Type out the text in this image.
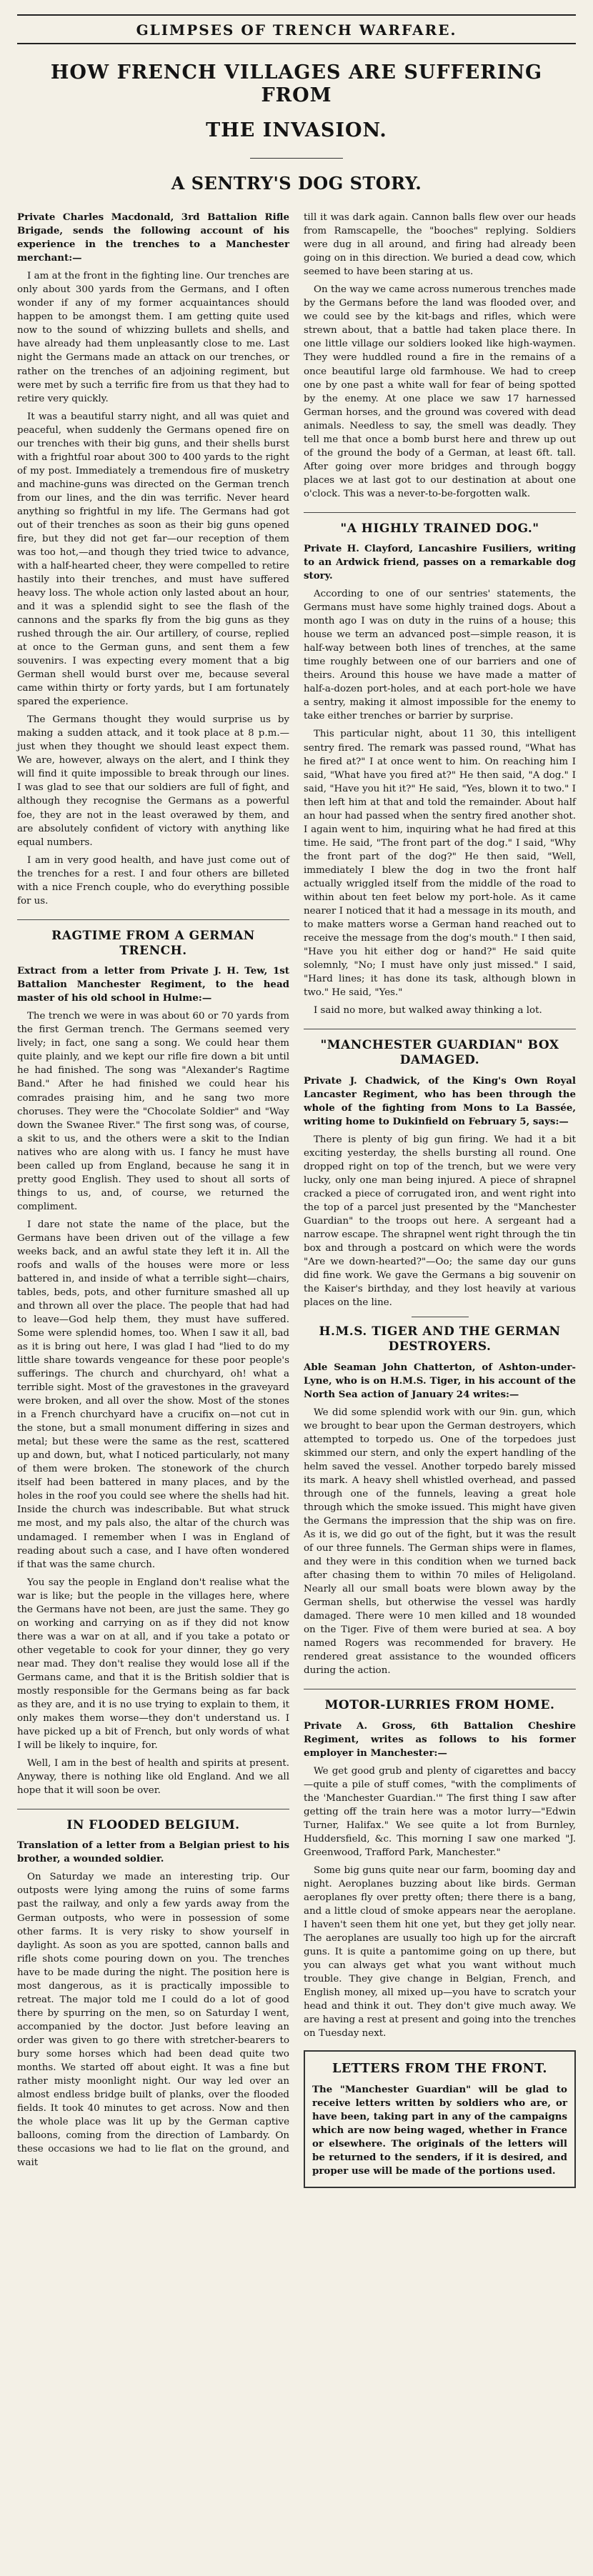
GLIMPSES OF TRENCH WARFARE.
HOW FRENCH VILLAGES ARE SUFFERING FROM
THE INVASION.
A SENTRY'S DOG STORY.

Private Charles Macdonald, 3rd Battalion Rifle Brigade, sends the following account of his experience in the trenches to a Manchester merchant:—

I am at the front in the fighting line. Our trenches are only about 300 yards from the Germans, and I often wonder if any of my former acquaintances should happen to be amongst them. I am getting quite used now to the sound of whizzing bullets and shells, and have already had them unpleasantly close to me. Last night the Germans made an attack on our trenches, or rather on the trenches of an adjoining regiment, but were met by such a terrific fire from us that they had to retire very quickly.

It was a beautiful starry night, and all was quiet and peaceful, when suddenly the Germans opened fire on our trenches with their big guns, and their shells burst with a frightful roar about 300 to 400 yards to the right of my post. Immediately a tremendous fire of musketry and machine-guns was directed on the German trench from our lines, and the din was terrific. Never heard anything so frightful in my life. The Germans had got out of their trenches as soon as their big guns opened fire, but they did not get far—our reception of them was too hot,—and though they tried twice to advance, with a half-hearted cheer, they were compelled to retire hastily into their trenches, and must have suffered heavy loss. The whole action only lasted about an hour, and it was a splendid sight to see the flash of the cannons and the sparks fly from the big guns as they rushed through the air. Our artillery, of course, replied at once to the German guns, and sent them a few souvenirs. I was expecting every moment that a big German shell would burst over me, because several came within thirty or forty yards, but I am fortunately spared the experience.

The Germans thought they would surprise us by making a sudden attack, and it took place at 8 p.m.—just when they thought we should least expect them. We are, however, always on the alert, and I think they will find it quite impossible to break through our lines. I was glad to see that our soldiers are full of fight, and although they recognise the Germans as a powerful foe, they are not in the least overawed by them, and are absolutely confident of victory with anything like equal numbers.

I am in very good health, and have just come out of the trenches for a rest. I and four others are billeted with a nice French couple, who do everything possible for us.

RAGTIME FROM A GERMAN TRENCH.

Extract from a letter from Private J. H. Tew, 1st Battalion Manchester Regiment, to the head master of his old school in Hulme:—

The trench we were in was about 60 or 70 yards from the first German trench. The Germans seemed very lively; in fact, one sang a song. We could hear them quite plainly, and we kept our rifle fire down a bit until he had finished. The song was "Alexander's Ragtime Band." After he had finished we could hear his comrades praising him, and he sang two more choruses. They were the "Chocolate Soldier" and "Way down the Swanee River." The first song was, of course, a skit to us, and the others were a skit to the Indian natives who are along with us. I fancy he must have been called up from England, because he sang it in pretty good English. They used to shout all sorts of things to us, and, of course, we returned the compliment.

I dare not state the name of the place, but the Germans have been driven out of the village a few weeks back, and an awful state they left it in. All the roofs and walls of the houses were more or less battered in, and inside of what a terrible sight—chairs, tables, beds, pots, and other furniture smashed all up and thrown all over the place. The people that had had to leave—God help them, they must have suffered. Some were splendid homes, too. When I saw it all, bad as it is bring out here, I was glad I had "lied to do my little share towards vengeance for these poor people's sufferings. The church and churchyard, oh! what a terrible sight. Most of the gravestones in the graveyard were broken, and all over the show. Most of the stones in a French churchyard have a crucifix on—not cut in the stone, but a small monument differing in sizes and metal; but these were the same as the rest, scattered up and down, but, what I noticed particularly, not many of them were broken. The stonework of the church itself had been battered in many places, and by the holes in the roof you could see where the shells had hit. Inside the church was indescribable. But what struck me most, and my pals also, the altar of the church was undamaged. I remember when I was in England of reading about such a case, and I have often wondered if that was the same church.

You say the people in England don't realise what the war is like; but the people in the villages here, where the Germans have not been, are just the same. They go on working and carrying on as if they did not know there was a war on at all, and if you take a potato or other vegetable to cook for your dinner, they go very near mad. They don't realise they would lose all if the Germans came, and that it is the British soldier that is mostly responsible for the Germans being as far back as they are, and it is no use trying to explain to them, it only makes them worse—they don't understand us. I have picked up a bit of French, but only words of what I will be likely to inquire, for.

Well, I am in the best of health and spirits at present. Anyway, there is nothing like old England. And we all hope that it will soon be over.

IN FLOODED BELGIUM.

Translation of a letter from a Belgian priest to his brother, a wounded soldier.

On Saturday we made an interesting trip. Our outposts were lying among the ruins of some farms past the railway, and only a few yards away from the German outposts, who were in possession of some other farms. It is very risky to show yourself in daylight. As soon as you are spotted, cannon balls and rifle shots come pouring down on you. The trenches have to be made during the night. The position here is most dangerous, as it is practically impossible to retreat. The major told me I could do a lot of good there by spurring on the men, so on Saturday I went, accompanied by the doctor. Just before leaving an order was given to go there with stretcher-bearers to bury some horses which had been dead quite two months. We started off about eight. It was a fine but rather misty moonlight night. Our way led over an almost endless bridge built of planks, over the flooded fields. It took 40 minutes to get across. Now and then the whole place was lit up by the German captive balloons, coming from the direction of Lambardy. On these occasions we had to lie flat on the ground, and wait

till it was dark again. Cannon balls flew over our heads from Ramscapelle, the "booches" replying. Soldiers were dug in all around, and firing had already been going on in this direction. We buried a dead cow, which seemed to have been staring at us.

On the way we came across numerous trenches made by the Germans before the land was flooded over, and we could see by the kit-bags and rifles, which were strewn about, that a battle had taken place there. In one little village our soldiers looked like high-waymen. They were huddled round a fire in the remains of a once beautiful large old farmhouse. We had to creep one by one past a white wall for fear of being spotted by the enemy. At one place we saw 17 harnessed German horses, and the ground was covered with dead animals. Needless to say, the smell was deadly. They tell me that once a bomb burst here and threw up out of the ground the body of a German, at least 6ft. tall. After going over more bridges and through boggy places we at last got to our destination at about one o'clock. This was a never-to-be-forgotten walk.

"A HIGHLY TRAINED DOG."

Private H. Clayford, Lancashire Fusiliers, writing to an Ardwick friend, passes on a remarkable dog story.

According to one of our sentries' statements, the Germans must have some highly trained dogs. About a month ago I was on duty in the ruins of a house; this house we term an advanced post—simple reason, it is half-way between both lines of trenches, at the same time roughly between one of our barriers and one of theirs. Around this house we have made a matter of half-a-dozen port-holes, and at each port-hole we have a sentry, making it almost impossible for the enemy to take either trenches or barrier by surprise.

This particular night, about 11 30, this intelligent sentry fired. The remark was passed round, "What has he fired at?" I at once went to him. On reaching him I said, "What have you fired at?" He then said, "A dog." I said, "Have you hit it?" He said, "Yes, blown it to two." I then left him at that and told the remainder. About half an hour had passed when the sentry fired another shot. I again went to him, inquiring what he had fired at this time. He said, "The front part of the dog." I said, "Why the front part of the dog?" He then said, "Well, immediately I blew the dog in two the front half actually wriggled itself from the middle of the road to within about ten feet below my port-hole. As it came nearer I noticed that it had a message in its mouth, and to make matters worse a German hand reached out to receive the message from the dog's mouth." I then said, "Have you hit either dog or hand?" He said quite solemnly, "No; I must have only just missed." I said, "Hard lines; it has done its task, although blown in two." He said, "Yes."

I said no more, but walked away thinking a lot.

"MANCHESTER GUARDIAN" BOX DAMAGED.

Private J. Chadwick, of the King's Own Royal Lancaster Regiment, who has been through the whole of the fighting from Mons to La Bassée, writing home to Dukinfield on February 5, says:—

There is plenty of big gun firing. We had it a bit exciting yesterday, the shells bursting all round. One dropped right on top of the trench, but we were very lucky, only one man being injured. A piece of shrapnel cracked a piece of corrugated iron, and went right into the top of a parcel just presented by the "Manchester Guardian" to the troops out here. A sergeant had a narrow escape. The shrapnel went right through the tin box and through a postcard on which were the words "Are we down-hearted?"—Oo; the same day our guns did fine work. We gave the Germans a big souvenir on the Kaiser's birthday, and they lost heavily at various places on the line.

H.M.S. TIGER AND THE GERMAN DESTROYERS.

Able Seaman John Chatterton, of Ashton-under-Lyne, who is on H.M.S. Tiger, in his account of the North Sea action of January 24 writes:—

We did some splendid work with our 9in. gun, which we brought to bear upon the German destroyers, which attempted to torpedo us. One of the torpedoes just skimmed our stern, and only the expert handling of the helm saved the vessel. Another torpedo barely missed its mark. A heavy shell whistled overhead, and passed through one of the funnels, leaving a great hole through which the smoke issued. This might have given the Germans the impression that the ship was on fire. As it is, we did go out of the fight, but it was the result of our three funnels. The German ships were in flames, and they were in this condition when we turned back after chasing them to within 70 miles of Heligoland. Nearly all our small boats were blown away by the German shells, but otherwise the vessel was hardly damaged. There were 10 men killed and 18 wounded on the Tiger. Five of them were buried at sea. A boy named Rogers was recommended for bravery. He rendered great assistance to the wounded officers during the action.

MOTOR-LURRIES FROM HOME.

Private A. Gross, 6th Battalion Cheshire Regiment, writes as follows to his former employer in Manchester:—

We get good grub and plenty of cigarettes and baccy—quite a pile of stuff comes, "with the compliments of the 'Manchester Guardian.'" The first thing I saw after getting off the train here was a motor lurry—"Edwin Turner, Halifax." We see quite a lot from Burnley, Huddersfield, &c. This morning I saw one marked "J. Greenwood, Trafford Park, Manchester."

Some big guns quite near our farm, booming day and night. Aeroplanes buzzing about like birds. German aeroplanes fly over pretty often; there there is a bang, and a little cloud of smoke appears near the aeroplane. I haven't seen them hit one yet, but they get jolly near. The aeroplanes are usually too high up for the aircraft guns. It is quite a pantomime going on up there, but you can always get what you want without much trouble. They give change in Belgian, French, and English money, all mixed up—you have to scratch your head and think it out. They don't give much away. We are having a rest at present and going into the trenches on Tuesday next.

LETTERS FROM THE FRONT.

The "Manchester Guardian" will be glad to receive letters written by soldiers who are, or have been, taking part in any of the campaigns which are now being waged, whether in France or elsewhere. The originals of the letters will be returned to the senders, if it is desired, and proper use will be made of the portions used.
